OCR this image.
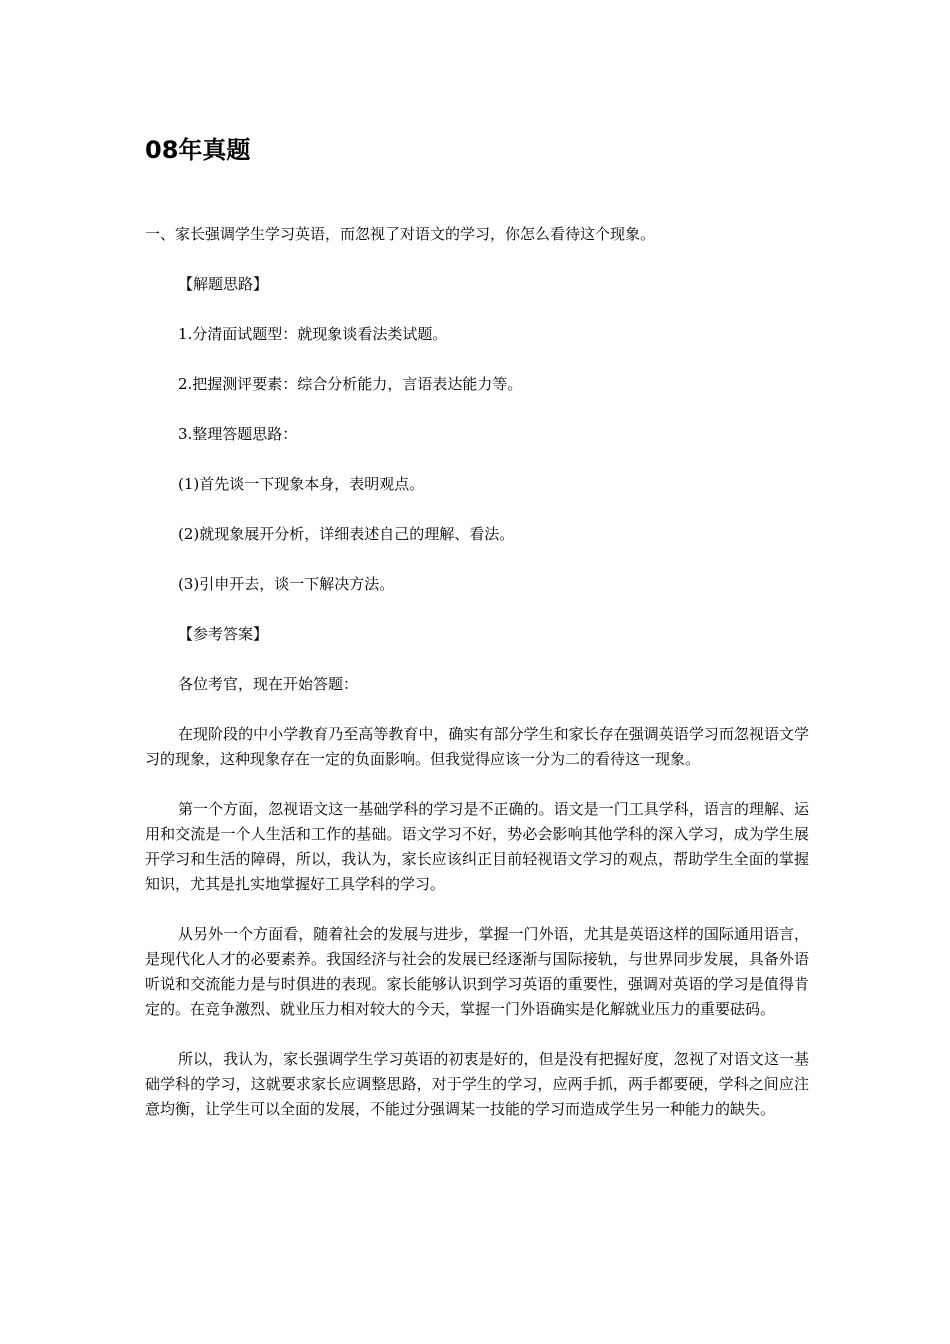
08年真题

一、家长强调学生学习英语，而忽视了对语文的学习，你怎么看待这个现象。

【解题思路】

1.分清面试题型：就现象谈看法类试题。

2.把握测评要素：综合分析能力，言语表达能力等。

3.整理答题思路：

(1)首先谈一下现象本身，表明观点。

(2)就现象展开分析，详细表述自己的理解、看法。

(3)引申开去，谈一下解决方法。

【参考答案】

各位考官，现在开始答题：

在现阶段的中小学教育乃至高等教育中，确实有部分学生和家长存在强调英语学习而忽视语文学习的现象，这种现象存在一定的负面影响。但我觉得应该一分为二的看待这一现象。

第一个方面，忽视语文这一基础学科的学习是不正确的。语文是一门工具学科，语言的理解、运用和交流是一个人生活和工作的基础。语文学习不好，势必会影响其他学科的深入学习，成为学生展开学习和生活的障碍，所以，我认为，家长应该纠正目前轻视语文学习的观点，帮助学生全面的掌握知识，尤其是扎实地掌握好工具学科的学习。

从另外一个方面看，随着社会的发展与进步，掌握一门外语，尤其是英语这样的国际通用语言，是现代化人才的必要素养。我国经济与社会的发展已经逐渐与国际接轨，与世界同步发展，具备外语听说和交流能力是与时俱进的表现。家长能够认识到学习英语的重要性，强调对英语的学习是值得肯定的。在竞争激烈、就业压力相对较大的今天，掌握一门外语确实是化解就业压力的重要砝码。

所以，我认为，家长强调学生学习英语的初衷是好的，但是没有把握好度，忽视了对语文这一基础学科的学习，这就要求家长应调整思路，对于学生的学习，应两手抓，两手都要硬，学科之间应注意均衡，让学生可以全面的发展，不能过分强调某一技能的学习而造成学生另一种能力的缺失。
